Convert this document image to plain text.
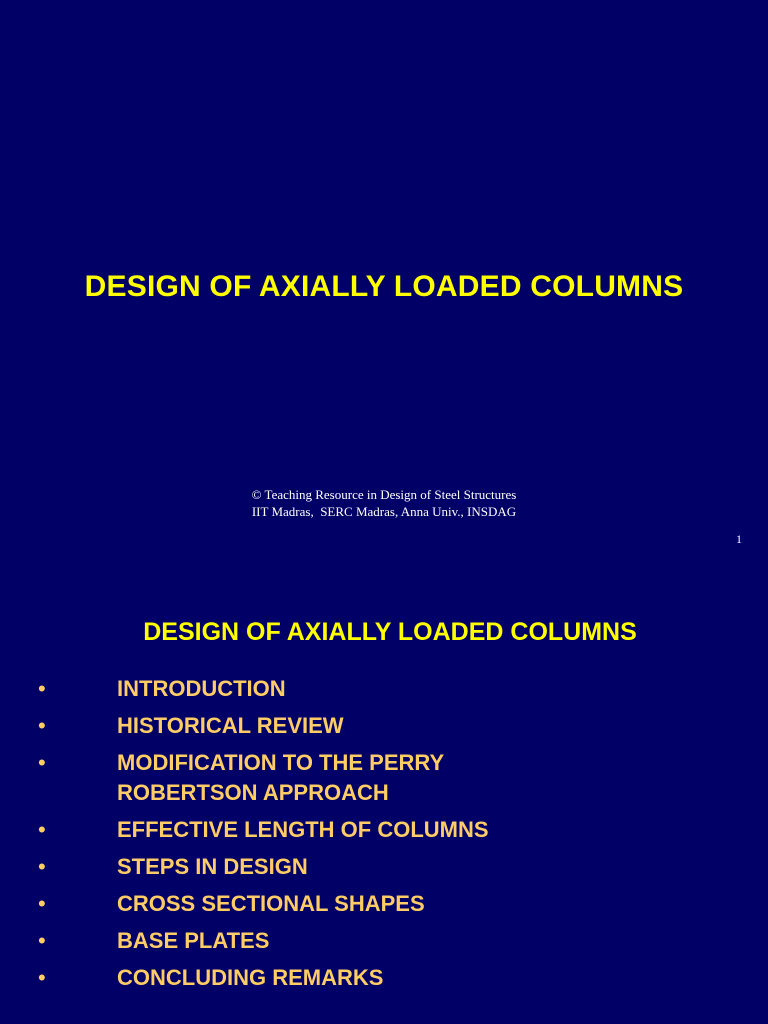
DESIGN OF AXIALLY LOADED COLUMNS
© Teaching Resource in Design of Steel Structures
IIT Madras,  SERC Madras, Anna Univ., INSDAG
1
DESIGN OF AXIALLY LOADED COLUMNS
•	INTRODUCTION
•	HISTORICAL REVIEW
•	MODIFICATION TO THE PERRY
ROBERTSON APPROACH
•	EFFECTIVE LENGTH OF COLUMNS
•	STEPS IN DESIGN
•	CROSS SECTIONAL SHAPES
•	BASE PLATES
•	CONCLUDING REMARKS
